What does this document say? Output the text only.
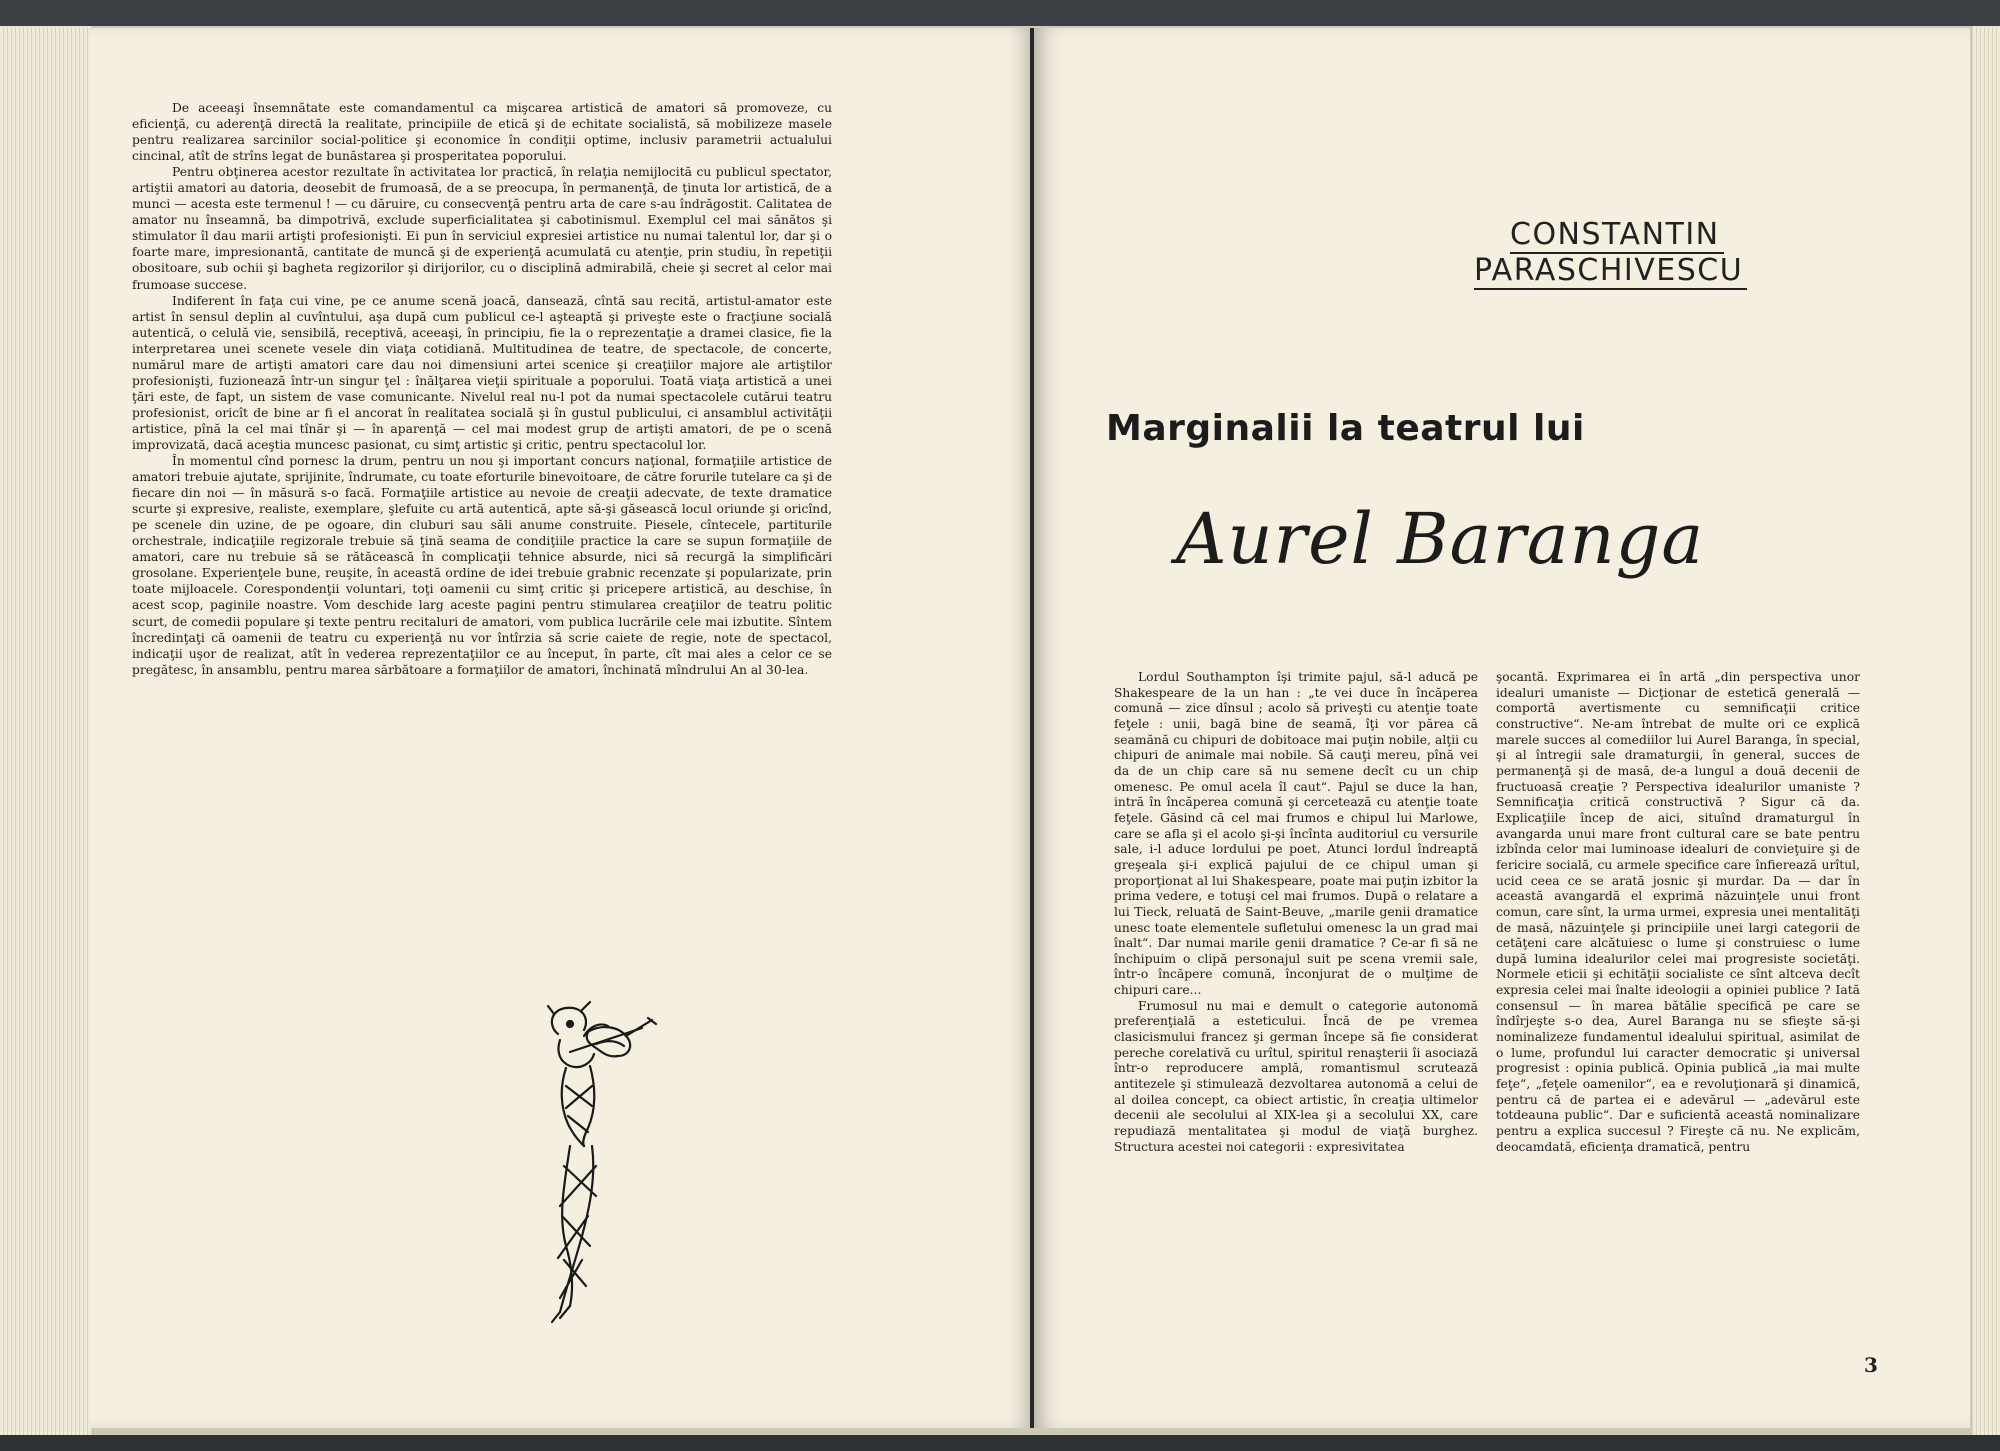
De aceeaşi însemnătate este comandamentul ca mişcarea artistică de amatori să promoveze, cu eficienţă, cu aderenţă directă la realitate, principiile de etică şi de echitate socialistă, să mobilizeze masele pentru realizarea sarcinilor social-politice şi economice în condiţii optime, inclusiv parametrii actualului cincinal, atît de strîns legat de bunăstarea şi prosperitatea poporului.

Pentru obţinerea acestor rezultate în activitatea lor practică, în relaţia nemijlocită cu publicul spectator, artiştii amatori au datoria, deosebit de frumoasă, de a se preocupa, în permanenţă, de ţinuta lor artistică, de a munci — acesta este termenul ! — cu dăruire, cu consecvenţă pentru arta de care s-au îndrăgostit. Calitatea de amator nu înseamnă, ba dimpotrivă, exclude superficialitatea şi cabotinismul. Exemplul cel mai sănătos şi stimulator îl dau marii artişti profesionişti. Ei pun în serviciul expresiei artistice nu numai talentul lor, dar şi o foarte mare, impresionantă, cantitate de muncă şi de experienţă acumulată cu atenţie, prin studiu, în repetiţii obositoare, sub ochii şi bagheta regizorilor şi dirijorilor, cu o disciplină admirabilă, cheie şi secret al celor mai frumoase succese.

Indiferent în faţa cui vine, pe ce anume scenă joacă, dansează, cîntă sau recită, artistul-amator este artist în sensul deplin al cuvîntului, aşa după cum publicul ce-l aşteaptă şi priveşte este o fracţiune socială autentică, o celulă vie, sensibilă, receptivă, aceeaşi, în principiu, fie la o reprezentaţie a dramei clasice, fie la interpretarea unei scenete vesele din viaţa cotidiană. Multitudinea de teatre, de spectacole, de concerte, numărul mare de artişti amatori care dau noi dimensiuni artei scenice şi creaţiilor majore ale artiştilor profesionişti, fuzionează într-un singur ţel : înălţarea vieţii spirituale a poporului. Toată viaţa artistică a unei ţări este, de fapt, un sistem de vase comunicante. Nivelul real nu-l pot da numai spectacolele cutărui teatru profesionist, oricît de bine ar fi el ancorat în realitatea socială şi în gustul publicului, ci ansamblul activităţii artistice, pînă la cel mai tînăr şi — în aparenţă — cel mai modest grup de artişti amatori, de pe o scenă improvizată, dacă aceştia muncesc pasionat, cu simţ artistic şi critic, pentru spectacolul lor.

În momentul cînd pornesc la drum, pentru un nou şi important concurs naţional, formaţiile artistice de amatori trebuie ajutate, sprijinite, îndrumate, cu toate eforturile binevoitoare, de către forurile tutelare ca şi de fiecare din noi — în măsură s-o facă. Formaţiile artistice au nevoie de creaţii adecvate, de texte dramatice scurte şi expresive, realiste, exemplare, şlefuite cu artă autentică, apte să-şi găsească locul oriunde şi oricînd, pe scenele din uzine, de pe ogoare, din cluburi sau săli anume construite. Piesele, cîntecele, partiturile orchestrale, indicaţiile regizorale trebuie să ţină seama de condiţiile practice la care se supun formaţiile de amatori, care nu trebuie să se rătăcească în complicaţii tehnice absurde, nici să recurgă la simplificări grosolane. Experienţele bune, reuşite, în această ordine de idei trebuie grabnic recenzate şi popularizate, prin toate mijloacele. Corespondenţii voluntari, toţi oamenii cu simţ critic şi pricepere artistică, au deschise, în acest scop, paginile noastre. Vom deschide larg aceste pagini pentru stimularea creaţiilor de teatru politic scurt, de comedii populare şi texte pentru recitaluri de amatori, vom publica lucrările cele mai izbutite. Sîntem încredinţaţi că oamenii de teatru cu experienţă nu vor întîrzia să scrie caiete de regie, note de spectacol, indicaţii uşor de realizat, atît în vederea reprezentaţiilor ce au început, în parte, cît mai ales a celor ce se pregătesc, în ansamblu, pentru marea sărbătoare a formaţiilor de amatori, închinată mîndrului An al 30-lea.

CONSTANTIN
PARASCHIVESCU
Marginalii la teatrul lui
Aurel Baranga

Lordul Southampton îşi trimite pajul, să-l aducă pe Shakespeare de la un han : „te vei duce în încăperea comună — zice dînsul ; acolo să priveşti cu atenţie toate feţele : unii, bagă bine de seamă, îţi vor părea că seamănă cu chipuri de dobitoace mai puţin nobile, alţii cu chipuri de animale mai nobile. Să cauţi mereu, pînă vei da de un chip care să nu semene decît cu un chip omenesc. Pe omul acela îl caut“. Pajul se duce la han, intră în încăperea comună şi cercetează cu atenţie toate feţele. Găsind că cel mai frumos e chipul lui Marlowe, care se afla şi el acolo şi-şi încînta auditoriul cu versurile sale, i-l aduce lordului pe poet. Atunci lordul îndreaptă greşeala şi-i explică pajului de ce chipul uman şi proporţionat al lui Shakespeare, poate mai puţin izbitor la prima vedere, e totuşi cel mai frumos. După o relatare a lui Tieck, reluată de Saint-Beuve, „marile genii dramatice unesc toate elementele sufletului omenesc la un grad mai înalt“. Dar numai marile genii dramatice ? Ce-ar fi să ne închipuim o clipă personajul suit pe scena vremii sale, într-o încăpere comună, înconjurat de o mulţime de chipuri care...

Frumosul nu mai e demult o categorie autonomă preferenţială a esteticului. Încă de pe vremea clasicismului francez şi german începe să fie considerat pereche corelativă cu urîtul, spiritul renaşterii îi asociază într-o reproducere amplă, romantismul scrutează antitezele şi stimulează dezvoltarea autonomă a celui de al doilea concept, ca obiect artistic, în creaţia ultimelor decenii ale secolului al XIX-lea şi a secolului XX, care repudiază mentalitatea şi modul de viaţă burghez. Structura acestei noi categorii : expresivitatea

şocantă. Exprimarea ei în artă „din perspectiva unor idealuri umaniste — Dicţionar de estetică generală — comportă avertismente cu semnificaţii critice constructive“. Ne-am întrebat de multe ori ce explică marele succes al comediilor lui Aurel Baranga, în special, şi al întregii sale dramaturgii, în general, succes de permanenţă şi de masă, de-a lungul a două decenii de fructuoasă creaţie ? Perspectiva idealurilor umaniste ? Semnificaţia critică constructivă ? Sigur că da. Explicaţiile încep de aici, situînd dramaturgul în avangarda unui mare front cultural care se bate pentru izbînda celor mai luminoase idealuri de convieţuire şi de fericire socială, cu armele specifice care înfierează urîtul, ucid ceea ce se arată josnic şi murdar. Da — dar în această avangardă el exprimă năzuinţele unui front comun, care sînt, la urma urmei, expresia unei mentalităţi de masă, năzuinţele şi principiile unei largi categorii de cetăţeni care alcătuiesc o lume şi construiesc o lume după lumina idealurilor celei mai progresiste societăţi. Normele eticii şi echităţii socialiste ce sînt altceva decît expresia celei mai înalte ideologii a opiniei publice ? Iată consensul — în marea bătălie specifică pe care se îndîrjeşte s-o dea, Aurel Baranga nu se sfieşte să-şi nominalizeze fundamentul idealului spiritual, asimilat de o lume, profundul lui caracter democratic şi universal progresist : opinia publică. Opinia publică „ia mai multe feţe“, „feţele oamenilor“, ea e revoluţionară şi dinamică, pentru că de partea ei e adevărul — „adevărul este totdeauna public“. Dar e suficientă această nominalizare pentru a explica succesul ? Fireşte că nu. Ne explicăm, deocamdată, eficienţa dramatică, pentru

3
